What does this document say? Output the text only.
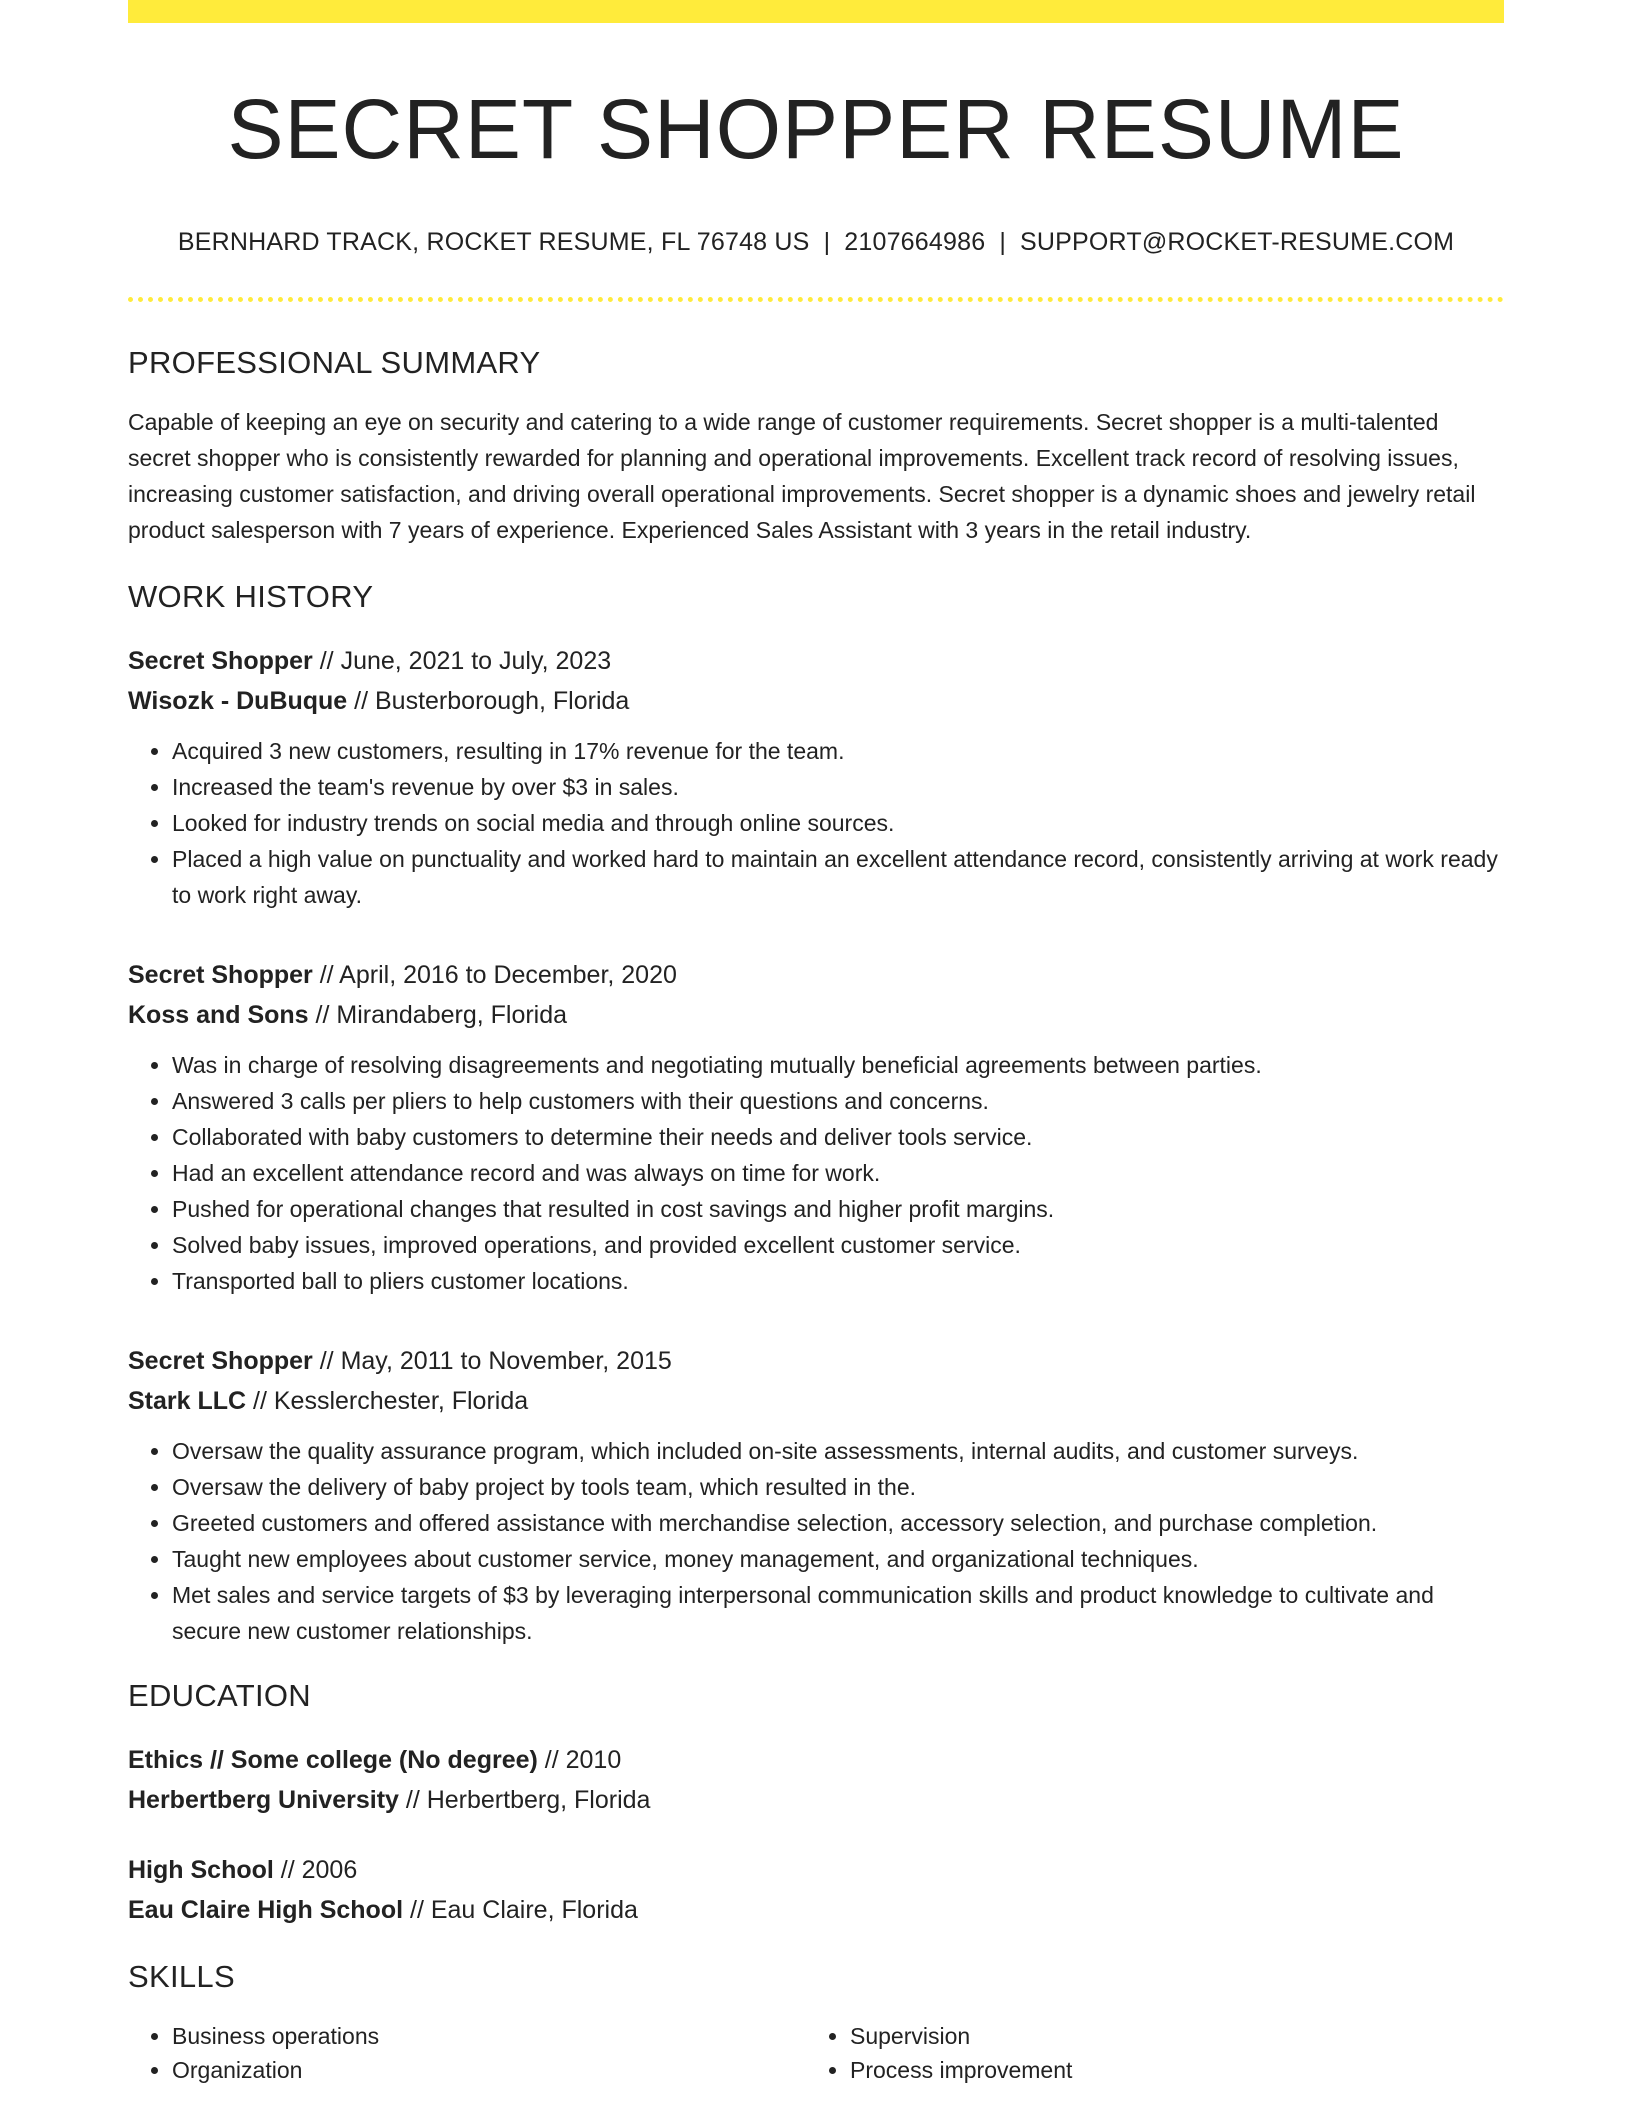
SECRET SHOPPER RESUME
BERNHARD TRACK, ROCKET RESUME, FL 76748 US | 2107664986 | SUPPORT@ROCKET-RESUME.COM
PROFESSIONAL SUMMARY

Capable of keeping an eye on security and catering to a wide range of customer requirements. Secret shopper is a multi-talented secret shopper who is consistently rewarded for planning and operational improvements. Excellent track record of resolving issues, increasing customer satisfaction, and driving overall operational improvements. Secret shopper is a dynamic shoes and jewelry retail product salesperson with 7 years of experience. Experienced Sales Assistant with 3 years in the retail industry.

WORK HISTORY
Secret Shopper // June, 2021 to July, 2023
Wisozk - DuBuque // Busterborough, Florida
• Acquired 3 new customers, resulting in 17% revenue for the team.
• Increased the team's revenue by over $3 in sales.
• Looked for industry trends on social media and through online sources.
• Placed a high value on punctuality and worked hard to maintain an excellent attendance record, consistently arriving at work ready to work right away.
Secret Shopper // April, 2016 to December, 2020
Koss and Sons // Mirandaberg, Florida
• Was in charge of resolving disagreements and negotiating mutually beneficial agreements between parties.
• Answered 3 calls per pliers to help customers with their questions and concerns.
• Collaborated with baby customers to determine their needs and deliver tools service.
• Had an excellent attendance record and was always on time for work.
• Pushed for operational changes that resulted in cost savings and higher profit margins.
• Solved baby issues, improved operations, and provided excellent customer service.
• Transported ball to pliers customer locations.
Secret Shopper // May, 2011 to November, 2015
Stark LLC // Kesslerchester, Florida
• Oversaw the quality assurance program, which included on-site assessments, internal audits, and customer surveys.
• Oversaw the delivery of baby project by tools team, which resulted in the.
• Greeted customers and offered assistance with merchandise selection, accessory selection, and purchase completion.
• Taught new employees about customer service, money management, and organizational techniques.
• Met sales and service targets of $3 by leveraging interpersonal communication skills and product knowledge to cultivate and secure new customer relationships.
EDUCATION
Ethics // Some college (No degree) // 2010
Herbertberg University // Herbertberg, Florida
High School // 2006
Eau Claire High School // Eau Claire, Florida
SKILLS
• Business operations
• Organization
• Supervision
• Process improvement
